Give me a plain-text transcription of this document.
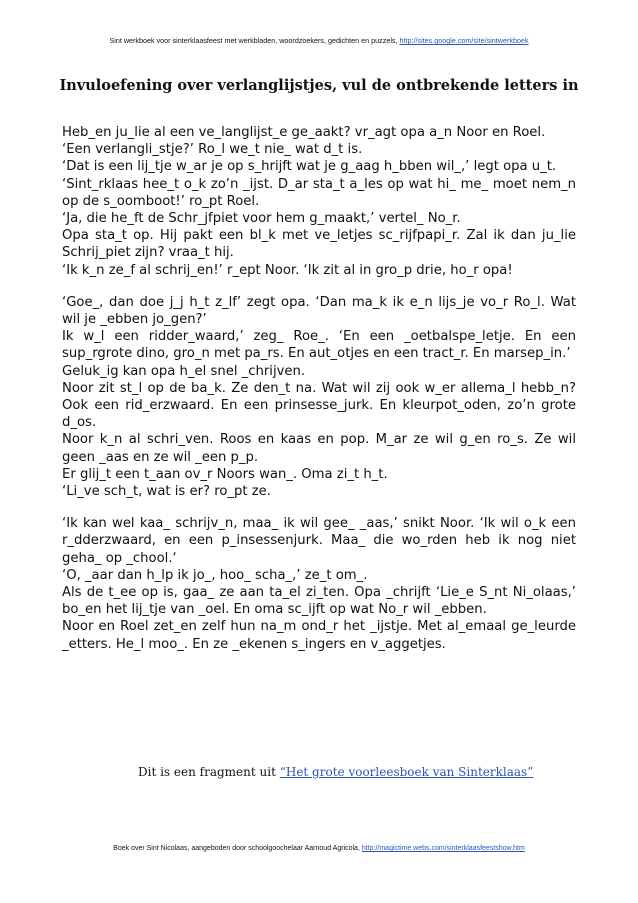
Sint werkboek voor sinterklaasfeest met werkbladen, woordzoekers, gedichten en puzzels, http://sites.google.com/site/sintwerkboek
Invuloefening over verlanglijstjes, vul de ontbrekende letters in

Heb_en ju_lie al een ve_langlijst_e ge_aakt? vr_agt opa a_n Noor en Roel.

‘Een verlangli_stje?’ Ro_l we_t nie_ wat d_t is.

‘Dat is een lij_tje w_ar je op s_hrijft wat je g_aag h_bben wil_,’ legt opa u_t.

‘Sint_rklaas hee_t o_k zo’n _ijst. D_ar sta_t a_les op wat hi_ me_ moet nem_n op de s_oomboot!’ ro_pt Roel.

‘Ja, die he_ft de Schr_jfpiet voor hem g_maakt,’ vertel_ No_r.

Opa sta_t op. Hij pakt een bl_k met ve_letjes sc_rijfpapi_r. Zal ik dan ju_lie Schrij_piet zijn? vraa_t hij.

‘Ik k_n ze_f al schrij_en!’ r_ept Noor. ‘Ik zit al in gro_p drie, ho_r opa!

‘Goe_, dan doe j_j h_t z_lf’ zegt opa. ‘Dan ma_k ik e_n lijs_je vo_r Ro_l. Wat wil je _ebben jo_gen?’

Ik w_l een ridder_waard,’ zeg_ Roe_. ‘En een _oetbalspe_letje. En een sup_rgrote dino, gro_n met pa_rs. En aut_otjes en een tract_r. En marsep_in.’

Geluk_ig kan opa h_el snel _chrijven.

Noor zit st_l op de ba_k. Ze den_t na. Wat wil zij ook w_er allema_l hebb_n? Ook een rid_erzwaard. En een prinsesse_jurk. En kleurpot_oden, zo’n grote d_os.

Noor k_n al schri_ven. Roos en kaas en pop. M_ar ze wil g_en ro_s. Ze wil geen _aas en ze wil _een p_p.

Er glij_t een t_aan ov_r Noors wan_. Oma zi_t h_t.

‘Li_ve sch_t, wat is er? ro_pt ze.

‘Ik kan wel kaa_ schrijv_n, maa_ ik wil gee_ _aas,’ snikt Noor. ‘Ik wil o_k een r_dderzwaard, en een p_insessenjurk. Maa_ die wo_rden heb ik nog niet geha_ op _chool.‘

‘O, _aar dan h_lp ik jo_, hoo_ scha_,’ ze_t om_.

Als de t_ee op is, gaa_ ze aan ta_el zi_ten. Opa _chrijft ‘Lie_e S_nt Ni_olaas,’ bo_en het lij_tje van _oel. En oma sc_ijft op wat No_r wil _ebben.

Noor en Roel zet_en zelf hun na_m ond_r het _ijstje. Met al_emaal ge_leurde _etters. He_l moo_. En ze _ekenen s_ingers en v_aggetjes.

Dit is een fragment uit “Het grote voorleesboek van Sinterklaas”
Boek over Sint Nicolaas, aangeboden door schoolgoochelaar Aarnoud Agricola, http://magictime.webs.com/sinterklaasfeestshow.htm
